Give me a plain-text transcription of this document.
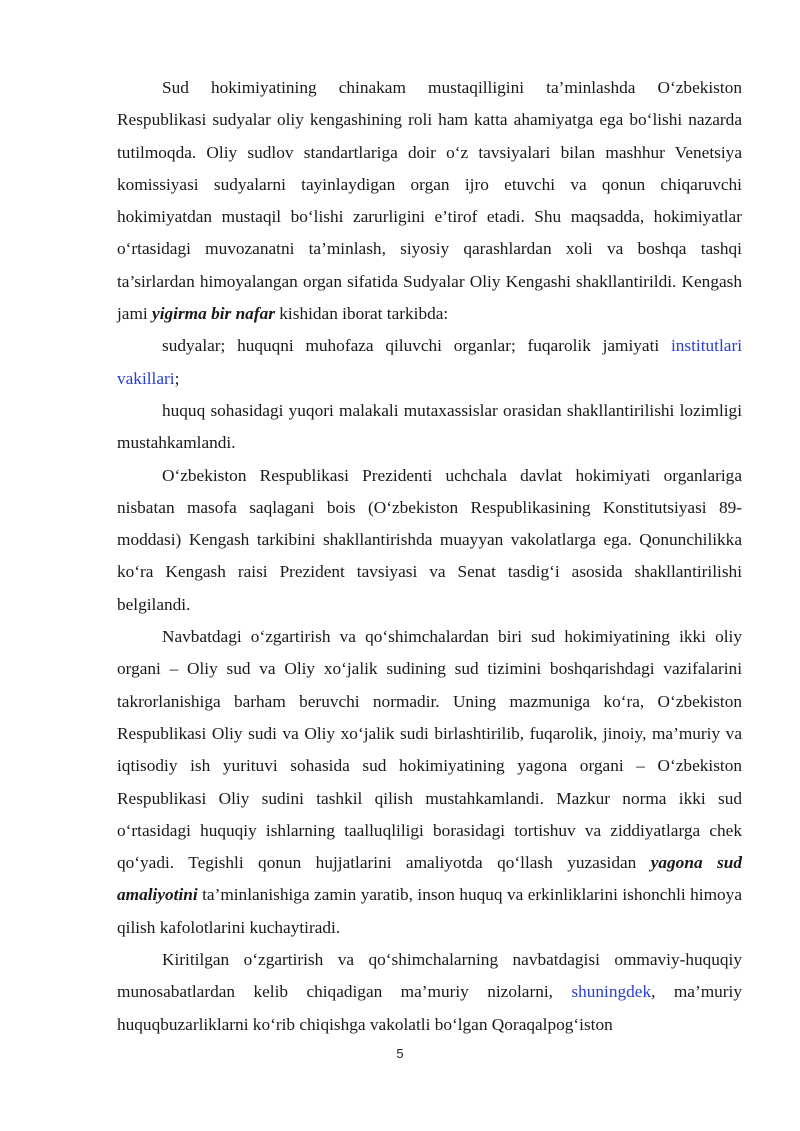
Sud hokimiyatining chinakam mustaqilligini ta’minlashda O‘zbekiston Respublikasi sudyalar oliy kengashining roli ham katta ahamiyatga ega bo‘lishi nazarda tutilmoqda. Oliy sudlov standartlariga doir o‘z tavsiyalari bilan mashhur Venetsiya komissiyasi sudyalarni tayinlaydigan organ ijro etuvchi va qonun chiqaruvchi hokimiyatdan mustaqil bo‘lishi zarurligini e’tirof etadi. Shu maqsadda, hokimiyatlar o‘rtasidagi muvozanatni ta’minlash, siyosiy qarashlardan xoli va boshqa tashqi ta’sirlardan himoyalangan organ sifatida Sudyalar Oliy Kengashi shakllantirildi. Kengash jami yigirma bir nafar kishidan iborat tarkibda:

sudyalar; huquqni muhofaza qiluvchi organlar; fuqarolik jamiyati institutlari vakillari;

huquq sohasidagi yuqori malakali mutaxassislar orasidan shakllantirilishi lozimligi mustahkamlandi.

O‘zbekiston Respublikasi Prezidenti uchchala davlat hokimiyati organlariga nisbatan masofa saqlagani bois (O‘zbekiston Respublikasining Konstitutsiyasi 89-moddasi) Kengash tarkibini shakllantirishda muayyan vakolatlarga ega. Qonunchilikka ko‘ra Kengash raisi Prezident tavsiyasi va Senat tasdig‘i asosida shakllantirilishi belgilandi.

Navbatdagi o‘zgartirish va qo‘shimchalardan biri sud hokimiyatining ikki oliy organi – Oliy sud va Oliy xo‘jalik sudining sud tizimini boshqarishdagi vazifalarini takrorlanishiga barham beruvchi normadir. Uning mazmuniga ko‘ra, O‘zbekiston Respublikasi Oliy sudi va Oliy xo‘jalik sudi birlashtirilib, fuqarolik, jinoiy, ma’muriy va iqtisodiy ish yurituvi sohasida sud hokimiyatining yagona organi – O‘zbekiston Respublikasi Oliy sudini tashkil qilish mustahkamlandi. Mazkur norma ikki sud o‘rtasidagi huquqiy ishlarning taalluqliligi borasidagi tortishuv va ziddiyatlarga chek qo‘yadi. Tegishli qonun hujjatlarini amaliyotda qo‘llash yuzasidan yagona sud amaliyotini ta’minlanishiga zamin yaratib, inson huquq va erkinliklarini ishonchli himoya qilish kafolotlarini kuchaytiradi.

Kiritilgan o‘zgartirish va qo‘shimchalarning navbatdagisi ommaviy-huquqiy munosabatlardan kelib chiqadigan ma’muriy nizolarni, shuningdek, ma’muriy huquqbuzarliklarni ko‘rib chiqishga vakolatli bo‘lgan Qoraqalpog‘iston

5
